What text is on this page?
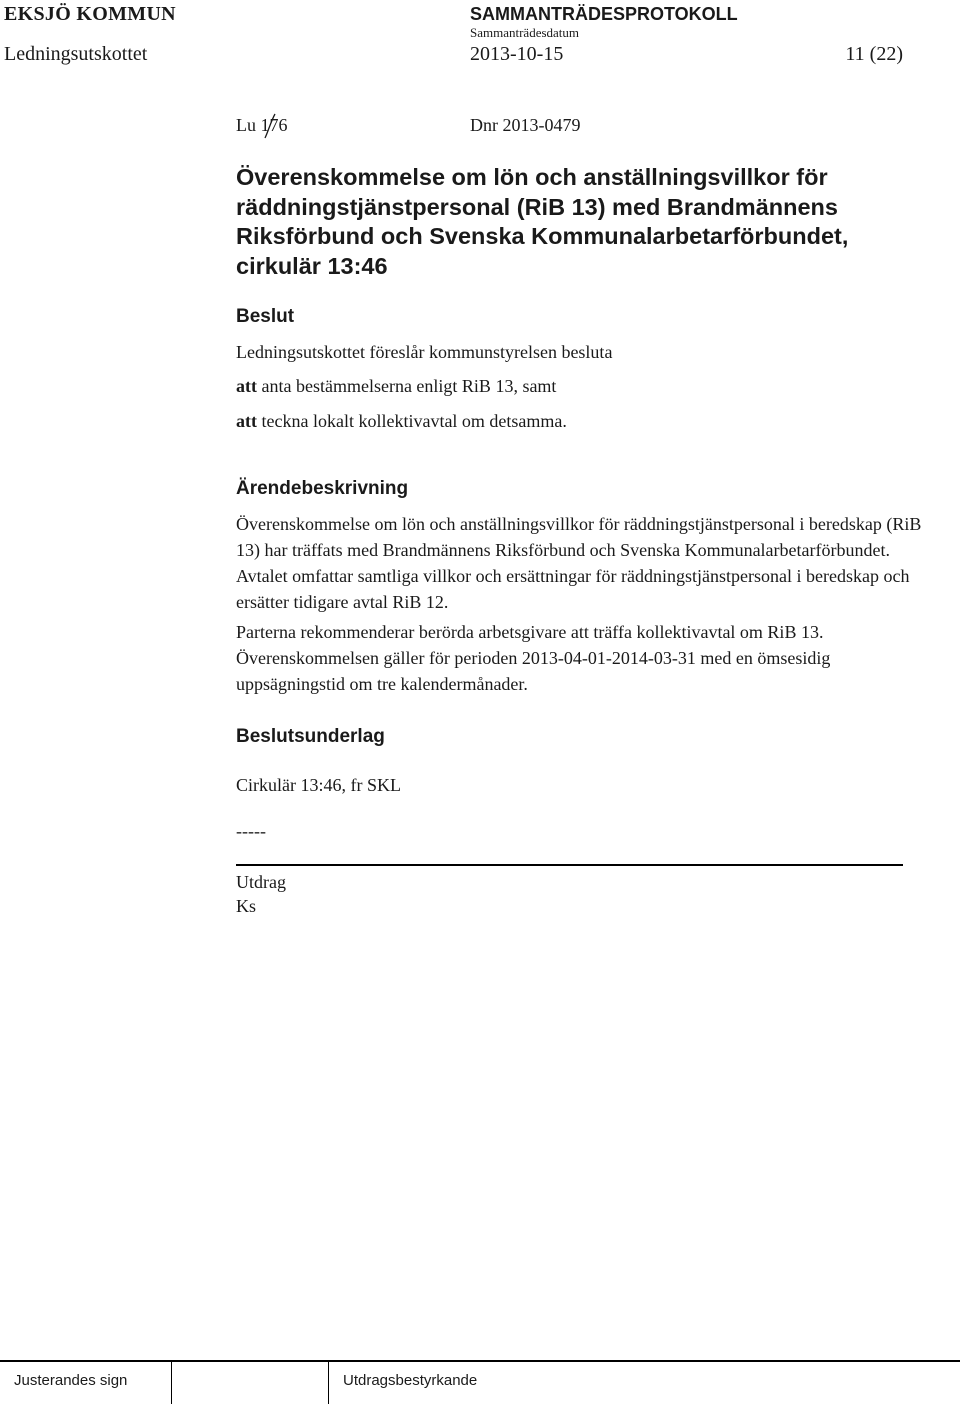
EKSJÖ KOMMUN	SAMMANTRÄDESPROTOKOLL
Sammanträdesdatum
Ledningsutskottet	2013-10-15	11 (22)
Lu 176	Dnr 2013-0479
Överenskommelse om lön och anställningsvillkor för räddningstjänstpersonal (RiB 13) med Brandmännens Riksförbund och Svenska Kommunalarbetarförbundet, cirkulär 13:46
Beslut
Ledningsutskottet föreslår kommunstyrelsen besluta
att anta bestämmelserna enligt RiB 13, samt
att teckna lokalt kollektivavtal om detsamma.
Ärendebeskrivning
Överenskommelse om lön och anställningsvillkor för räddningstjänstpersonal i beredskap (RiB 13) har träffats med Brandmännens Riksförbund och Svenska Kommunalarbetarförbundet. Avtalet omfattar samtliga villkor och ersättningar för räddningstjänstpersonal i beredskap och ersätter tidigare avtal RiB 12.
Parterna rekommenderar berörda arbetsgivare att träffa kollektivavtal om RiB 13. Överenskommelsen gäller för perioden 2013-04-01-2014-03-31 med en ömsesidig uppsägningstid om tre kalendermånader.
Beslutsunderlag
Cirkulär 13:46, fr SKL
-----
Utdrag
Ks
Justerandes sign	Utdragsbestyrkande
